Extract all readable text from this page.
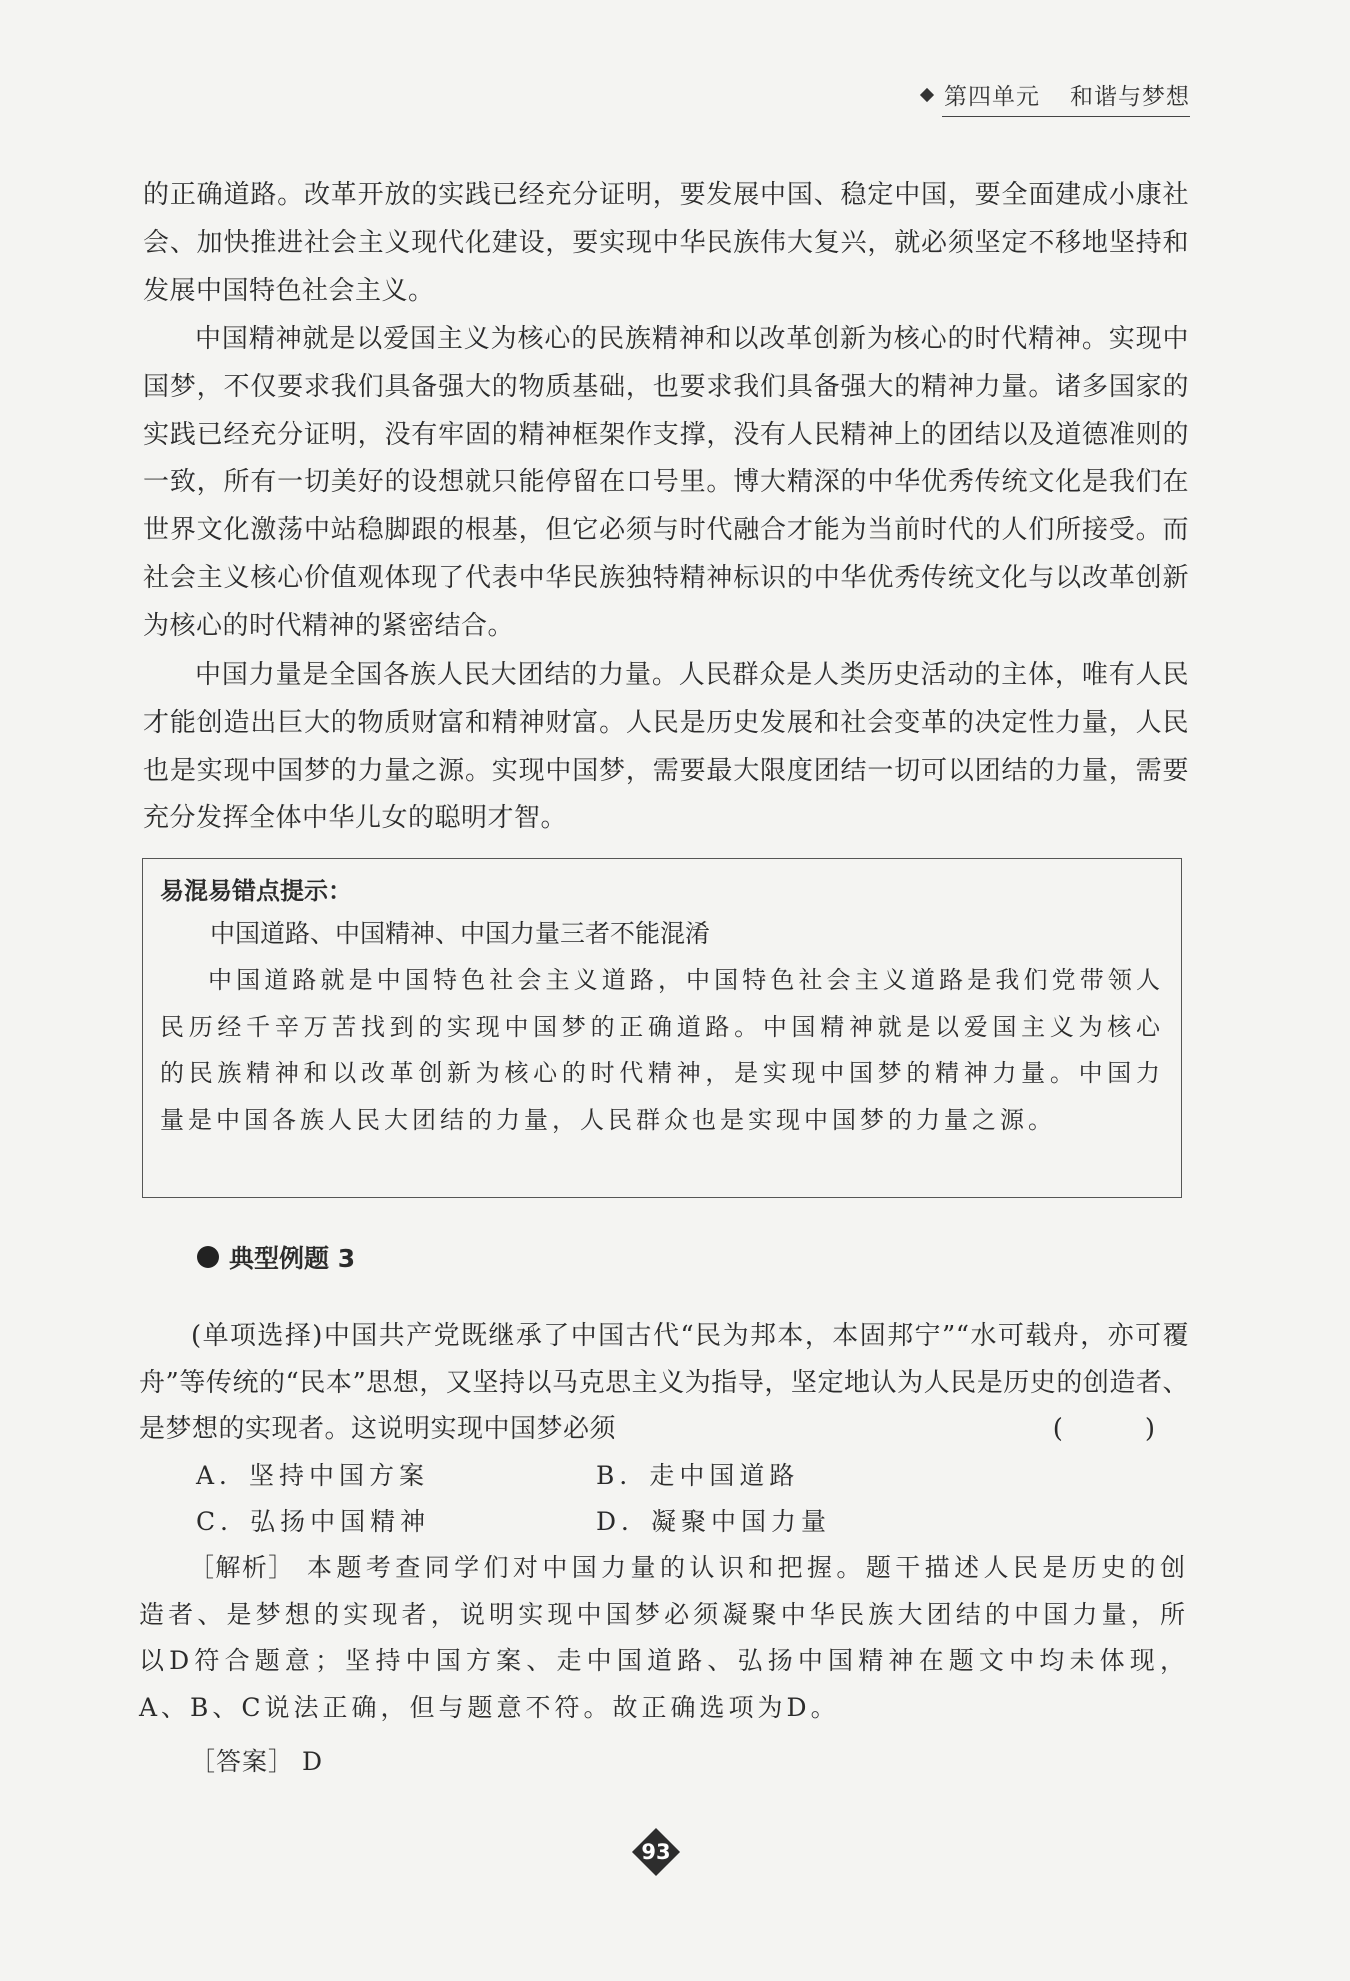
第四单元 和谐与梦想

的正确道路。改革开放的实践已经充分证明，要发展中国、稳定中国，要全面建成小康社会、加快推进社会主义现代化建设，要实现中华民族伟大复兴，就必须坚定不移地坚持和发展中国特色社会主义。

中国精神就是以爱国主义为核心的民族精神和以改革创新为核心的时代精神。实现中国梦，不仅要求我们具备强大的物质基础，也要求我们具备强大的精神力量。诸多国家的实践已经充分证明，没有牢固的精神框架作支撑，没有人民精神上的团结以及道德准则的一致，所有一切美好的设想就只能停留在口号里。博大精深的中华优秀传统文化是我们在世界文化激荡中站稳脚跟的根基，但它必须与时代融合才能为当前时代的人们所接受。而社会主义核心价值观体现了代表中华民族独特精神标识的中华优秀传统文化与以改革创新为核心的时代精神的紧密结合。

中国力量是全国各族人民大团结的力量。人民群众是人类历史活动的主体，唯有人民才能创造出巨大的物质财富和精神财富。人民是历史发展和社会变革的决定性力量，人民也是实现中国梦的力量之源。实现中国梦，需要最大限度团结一切可以团结的力量，需要充分发挥全体中华儿女的聪明才智。

易混易错点提示：

中国道路、中国精神、中国力量三者不能混淆

中国道路就是中国特色社会主义道路，中国特色社会主义道路是我们党带领人民历经千辛万苦找到的实现中国梦的正确道路。中国精神就是以爱国主义为核心的民族精神和以改革创新为核心的时代精神，是实现中国梦的精神力量。中国力量是中国各族人民大团结的力量，人民群众也是实现中国梦的力量之源。

典型例题 3

(单项选择)中国共产党既继承了中国古代“民为邦本，本固邦宁”“水可载舟，亦可覆舟”等传统的“民本”思想，又坚持以马克思主义为指导，坚定地认为人民是历史的创造者、是梦想的实现者。这说明实现中国梦必须	(　)

A．坚持中国方案	B．走中国道路
C．弘扬中国精神	D．凝聚中国力量

［解析］ 本题考查同学们对中国力量的认识和把握。题干描述人民是历史的创造者、是梦想的实现者，说明实现中国梦必须凝聚中华民族大团结的中国力量，所以D符合题意；坚持中国方案、走中国道路、弘扬中国精神在题文中均未体现，A、B、C说法正确，但与题意不符。故正确选项为D。

［答案］ D
93
